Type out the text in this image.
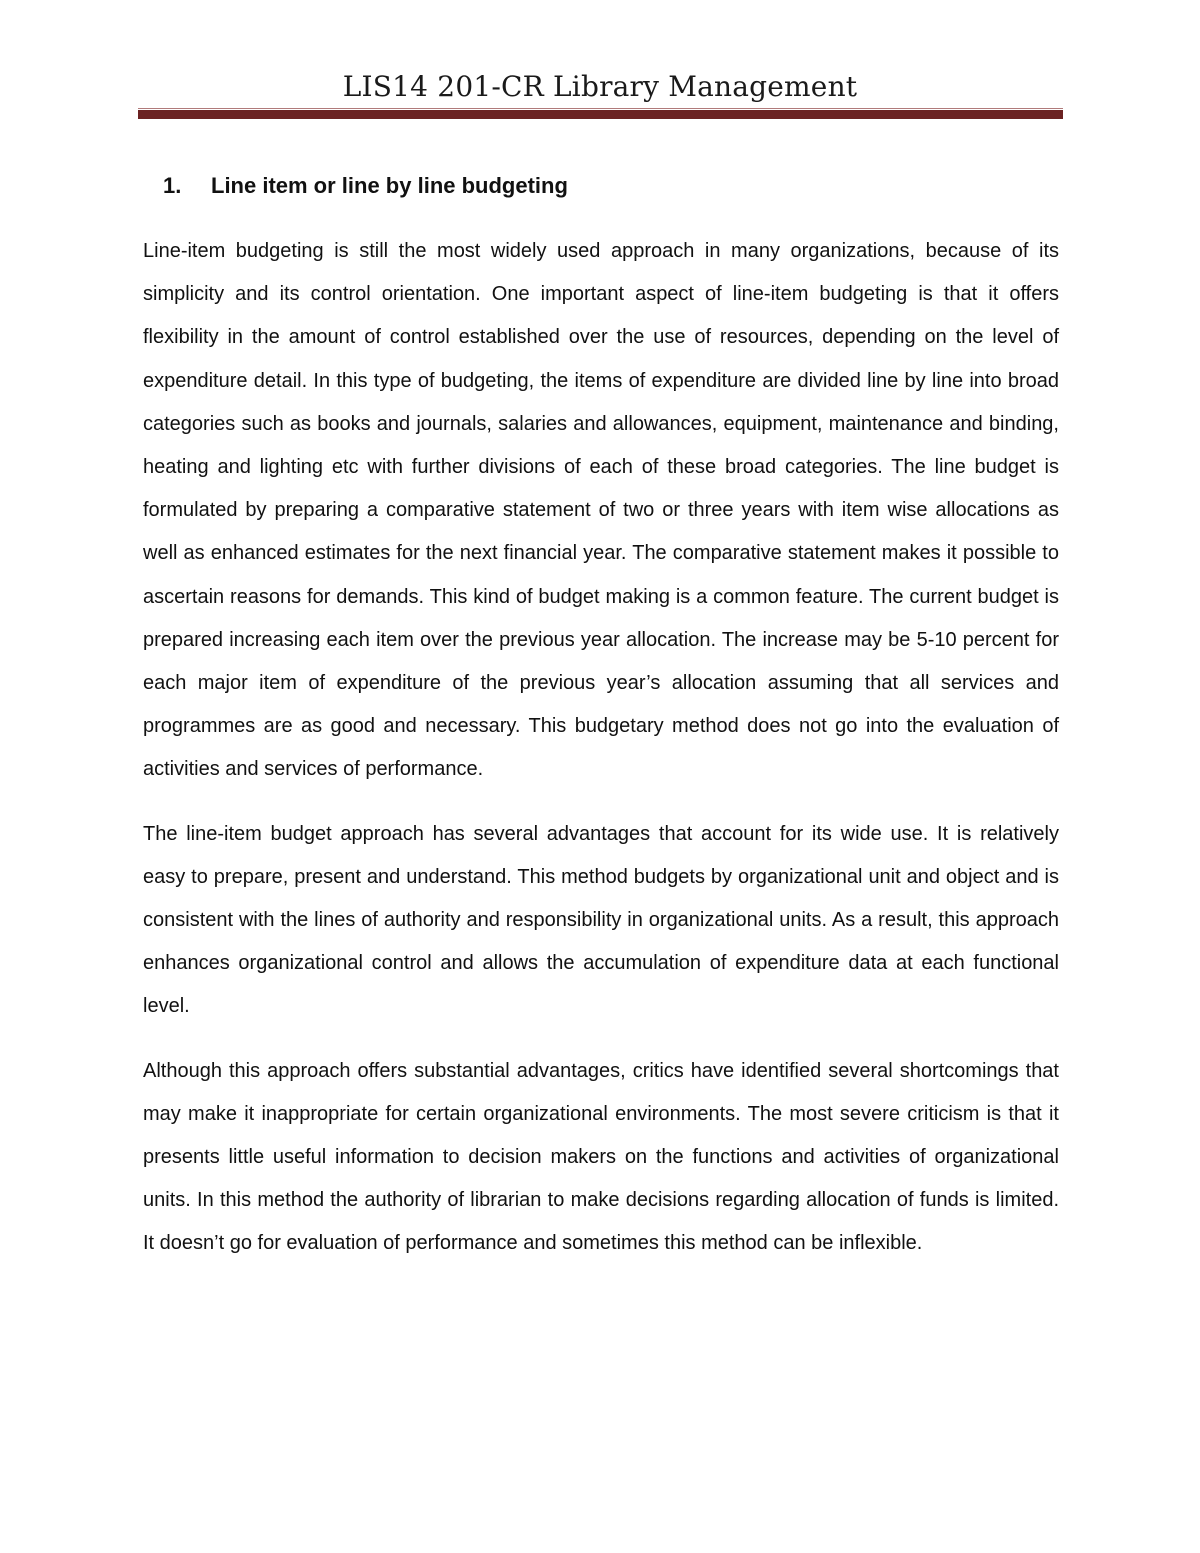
LIS14 201-CR Library Management
1.	Line item or line by line budgeting

Line-item budgeting is still the most widely used approach in many organizations, because of its simplicity and its control orientation. One important aspect of line-item budgeting is that it offers flexibility in the amount of control established over the use of resources, depending on the level of expenditure detail. In this type of budgeting, the items of expenditure are divided line by line into broad categories such as books and journals, salaries and allowances, equipment, maintenance and binding, heating and lighting etc with further divisions of each of these broad categories. The line budget is formulated by preparing a comparative statement of two or three years with item wise allocations as well as enhanced estimates for the next financial year. The comparative statement makes it possible to ascertain reasons for demands. This kind of budget making is a common feature. The current budget is prepared increasing each item over the previous year allocation. The increase may be 5-10 percent for each major item of expenditure of the previous year’s allocation assuming that all services and programmes are as good and necessary. This budgetary method does not go into the evaluation of activities and services of performance.

The line-item budget approach has several advantages that account for its wide use. It is relatively easy to prepare, present and understand. This method budgets by organizational unit and object and is consistent with the lines of authority and responsibility in organizational units. As a result, this approach enhances organizational control and allows the accumulation of expenditure data at each functional level.

Although this approach offers substantial advantages, critics have identified several shortcomings that may make it inappropriate for certain organizational environments. The most severe criticism is that it presents little useful information to decision makers on the functions and activities of organizational units. In this method the authority of librarian to make decisions regarding allocation of funds is limited. It doesn’t go for evaluation of performance and sometimes this method can be inflexible.
